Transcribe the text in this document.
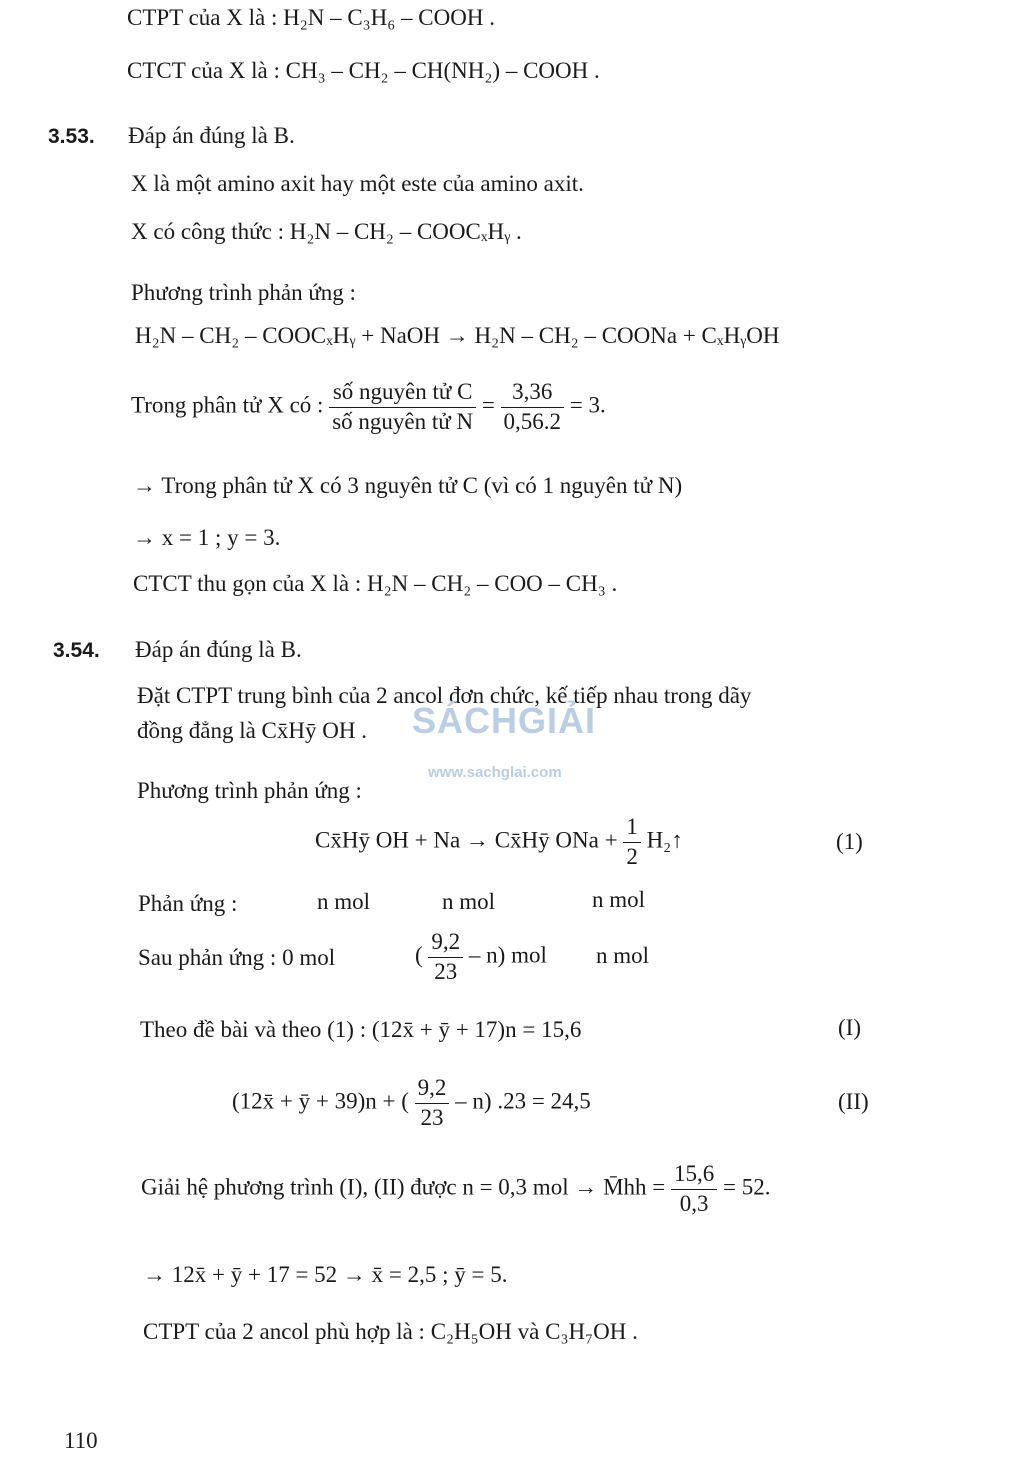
CTPT của X là : H₂N – C₃H₆ – COOH .
CTCT của X là : CH₃ – CH₂ – CH(NH₂) – COOH .
3.53. Đáp án đúng là B.
X là một amino axit hay một este của amino axit.
X có công thức : H₂N – CH₂ – COOCₓHᵧ .
Phương trình phản ứng :
H₂N – CH₂ – COOCₓHᵧ + NaOH → H₂N – CH₂ – COONa + CₓHᵧOH
Trong phân tử X có : $\frac{\text{số nguyên tử C}}{\text{số nguyên tử N}} = \frac{3,36}{0,56.2} = 3$.
→ Trong phân tử X có 3 nguyên tử C (vì có 1 nguyên tử N)
→ x = 1 ; y = 3.
CTCT thu gọn của X là : H₂N – CH₂ – COO – CH₃ .
3.54. Đáp án đúng là B.
Đặt CTPT trung bình của 2 ancol đơn chức, kế tiếp nhau trong dãy
đồng đẳng là Cx̄Hȳ OH . SÁCHGIẢI
www.sachglai.com
Phương trình phản ứng :
Cx̄Hȳ OH + Na → Cx̄Hȳ ONa + $\frac{1}{2}$ H₂↑	(1)
Phản ứng :	n mol	n mol	n mol
Sau phản ứng : 0 mol	( $\frac{9,2}{23} - n$) mol n mol
Theo đề bài và theo (1) : (12x̄ + ȳ + 17)n = 15,6	(I)
(12x̄ + ȳ + 39)n + ( $\frac{9,2}{23} - n$) .23 = 24,5	(II)
Giải hệ phương trình (I), (II) được n = 0,3 mol → M̄hh = $\frac{15,6}{0,3} = 52$.
→ 12x̄ + ȳ + 17 = 52 → x̄ = 2,5 ; ȳ = 5.
CTPT của 2 ancol phù hợp là : C₂H₅OH và C₃H₇OH .
110
